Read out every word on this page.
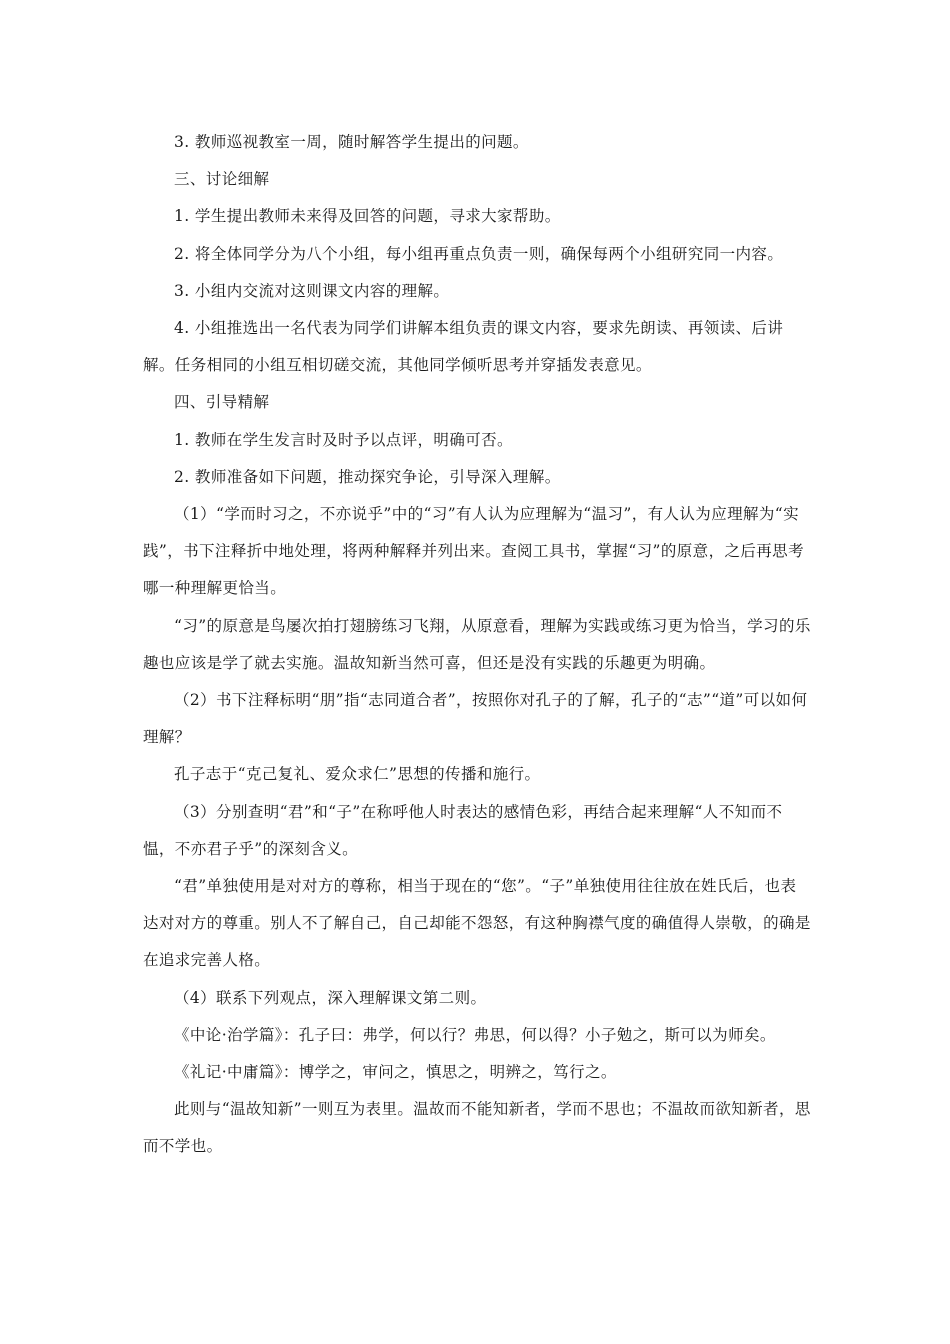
3. 教师巡视教室一周，随时解答学生提出的问题。

三、讨论细解

1. 学生提出教师未来得及回答的问题，寻求大家帮助。

2. 将全体同学分为八个小组，每小组再重点负责一则，确保每两个小组研究同一内容。

3. 小组内交流对这则课文内容的理解。

4. 小组推选出一名代表为同学们讲解本组负责的课文内容，要求先朗读、再领读、后讲解。任务相同的小组互相切磋交流，其他同学倾听思考并穿插发表意见。

四、引导精解

1. 教师在学生发言时及时予以点评，明确可否。

2. 教师准备如下问题，推动探究争论，引导深入理解。

（1）“学而时习之，不亦说乎”中的“习”有人认为应理解为“温习”，有人认为应理解为“实践”，书下注释折中地处理，将两种解释并列出来。查阅工具书，掌握“习”的原意，之后再思考哪一种理解更恰当。

“习”的原意是鸟屡次拍打翅膀练习飞翔，从原意看，理解为实践或练习更为恰当，学习的乐趣也应该是学了就去实施。温故知新当然可喜，但还是没有实践的乐趣更为明确。

（2）书下注释标明“朋”指“志同道合者”，按照你对孔子的了解，孔子的“志”“道”可以如何理解？

孔子志于“克己复礼、爱众求仁”思想的传播和施行。

（3）分别查明“君”和“子”在称呼他人时表达的感情色彩，再结合起来理解“人不知而不愠，不亦君子乎”的深刻含义。

“君”单独使用是对对方的尊称，相当于现在的“您”。“子”单独使用往往放在姓氏后，也表达对对方的尊重。别人不了解自己，自己却能不怨怒，有这种胸襟气度的确值得人崇敬，的确是在追求完善人格。

（4）联系下列观点，深入理解课文第二则。

《中论·治学篇》：孔子曰：弗学，何以行？弗思，何以得？小子勉之，斯可以为师矣。

《礼记·中庸篇》：博学之，审问之，慎思之，明辨之，笃行之。

此则与“温故知新”一则互为表里。温故而不能知新者，学而不思也；不温故而欲知新者，思而不学也。
